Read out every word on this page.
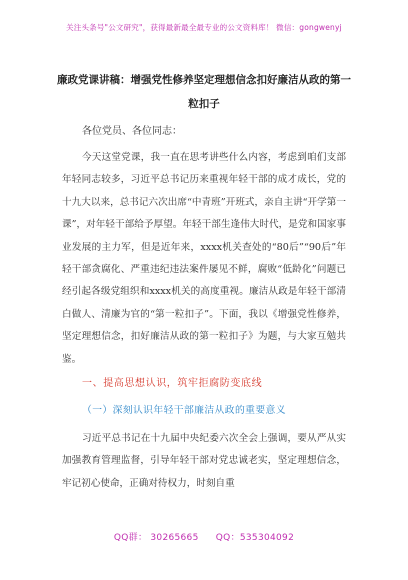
关注头条号"公文研究"，获得最新最全最专业的公文资料库！ 微信：gongwenyj
廉政党课讲稿：增强党性修养坚定理想信念扣好廉洁从政的第一粒扣子
各位党员、各位同志：

今天这堂党课，我一直在思考讲些什么内容，考虑到咱们支部年轻同志较多，习近平总书记历来重视年轻干部的成才成长，党的十九大以来，总书记六次出席“中青班”开班式，亲自主讲“开学第一课”，对年轻干部给予厚望。年轻干部生逢伟大时代，是党和国家事业发展的主力军，但是近年来，xxxx机关查处的“80后”“90后”年轻干部贪腐化、严重违纪违法案件屡见不鲜，腐败“低龄化”问题已经引起各级党组织和xxxx机关的高度重视。廉洁从政是年轻干部清白做人、清廉为官的“第一粒扣子”。下面，我以《增强党性修养，坚定理想信念，扣好廉洁从政的第一粒扣子》为题，与大家互勉共鉴。

一、提高思想认识，筑牢拒腐防变底线
（一）深刻认识年轻干部廉洁从政的重要意义

习近平总书记在十九届中央纪委六次全会上强调，要从严从实加强教育管理监督，引导年轻干部对党忠诚老实，坚定理想信念，牢记初心使命，正确对待权力，时刻自重

QQ群： 30265665 QQ：535304092
